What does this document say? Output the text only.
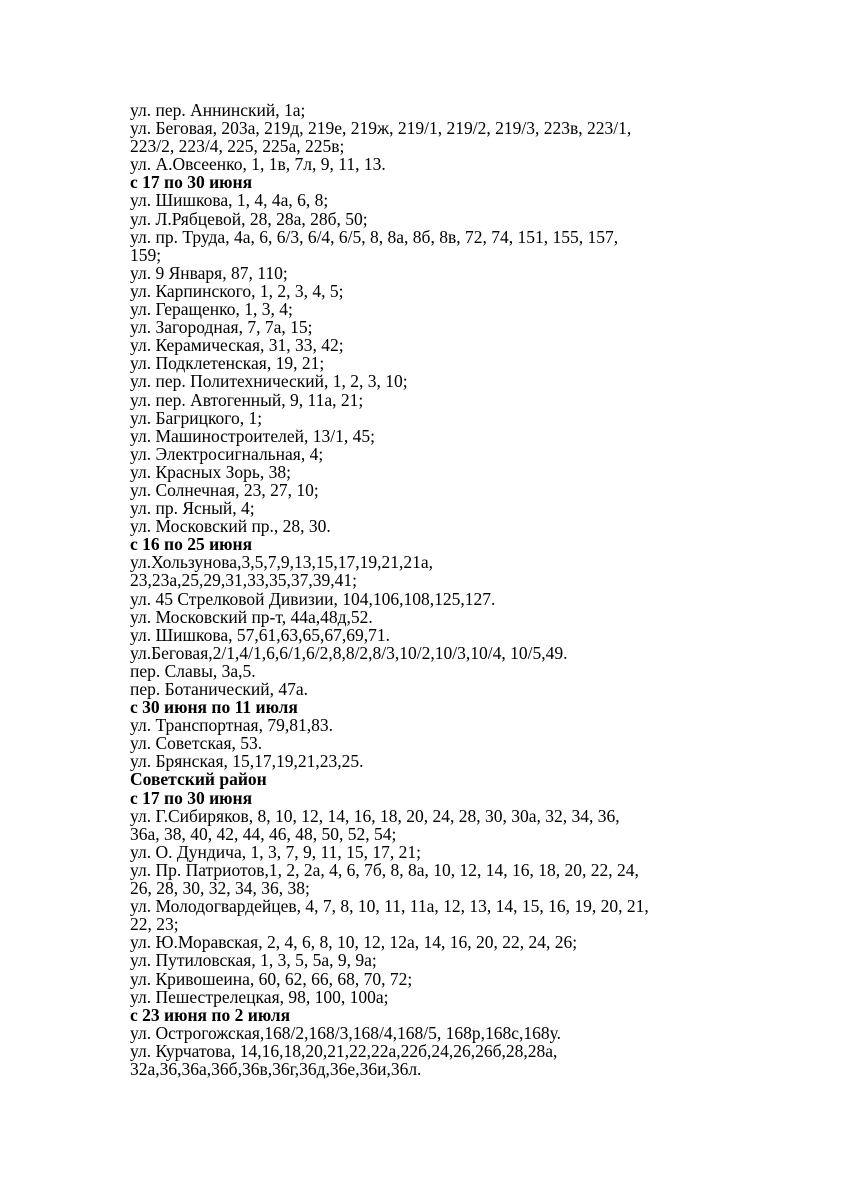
ул. пер. Аннинский, 1а;
ул. Беговая, 203а, 219д, 219е, 219ж, 219/1, 219/2, 219/3, 223в, 223/1,
223/2, 223/4, 225, 225а, 225в;
ул. А.Овсеенко, 1, 1в, 7л, 9, 11, 13.
с 17 по 30 июня
ул. Шишкова, 1, 4, 4а, 6, 8;
ул. Л.Рябцевой, 28, 28а, 28б, 50;
ул. пр. Труда, 4а, 6, 6/3, 6/4, 6/5, 8, 8а, 8б, 8в, 72, 74, 151, 155, 157,
159;
ул. 9 Января, 87, 110;
ул. Карпинского, 1, 2, 3, 4, 5;
ул. Геращенко, 1, 3, 4;
ул. Загородная, 7, 7а, 15;
ул. Керамическая, 31, 33, 42;
ул. Подклетенская, 19, 21;
ул. пер. Политехнический, 1, 2, 3, 10;
ул. пер. Автогенный, 9, 11а, 21;
ул. Багрицкого, 1;
ул. Машиностроителей, 13/1, 45;
ул. Электросигнальная, 4;
ул. Красных Зорь, 38;
ул. Солнечная, 23, 27, 10;
ул. пр. Ясный, 4;
ул. Московский пр., 28, 30.
с 16 по 25 июня
ул.Хользунова,3,5,7,9,13,15,17,19,21,21а,
23,23а,25,29,31,33,35,37,39,41;
ул. 45 Стрелковой Дивизии, 104,106,108,125,127.
ул. Московский пр-т, 44а,48д,52.
ул. Шишкова, 57,61,63,65,67,69,71.
ул.Беговая,2/1,4/1,6,6/1,6/2,8,8/2,8/3,10/2,10/3,10/4, 10/5,49.
пер. Славы, 3а,5.
пер. Ботанический, 47а.
с 30 июня по 11 июля
ул. Транспортная, 79,81,83.
ул. Советская, 53.
ул. Брянская, 15,17,19,21,23,25.
Советский район
с 17 по 30 июня
ул. Г.Сибиряков, 8, 10, 12, 14, 16, 18, 20, 24, 28, 30, 30а, 32, 34, 36,
36а, 38, 40, 42, 44, 46, 48, 50, 52, 54;
ул. О. Дундича, 1, 3, 7, 9, 11, 15, 17, 21;
ул. Пр. Патриотов,1, 2, 2а, 4, 6, 7б, 8, 8а, 10, 12, 14, 16, 18, 20, 22, 24,
26, 28, 30, 32, 34, 36, 38;
ул. Молодогвардейцев, 4, 7, 8, 10, 11, 11а, 12, 13, 14, 15, 16, 19, 20, 21,
22, 23;
ул. Ю.Моравская, 2, 4, 6, 8, 10, 12, 12а, 14, 16, 20, 22, 24, 26;
ул. Путиловская, 1, 3, 5, 5а, 9, 9а;
ул. Кривошеина, 60, 62, 66, 68, 70, 72;
ул. Пешестрелецкая, 98, 100, 100а;
с 23 июня по 2 июля
ул. Острогожская,168/2,168/3,168/4,168/5, 168р,168с,168у.
ул. Курчатова, 14,16,18,20,21,22,22а,22б,24,26,26б,28,28а,
32а,36,36а,36б,36в,36г,36д,36е,36и,36л.
